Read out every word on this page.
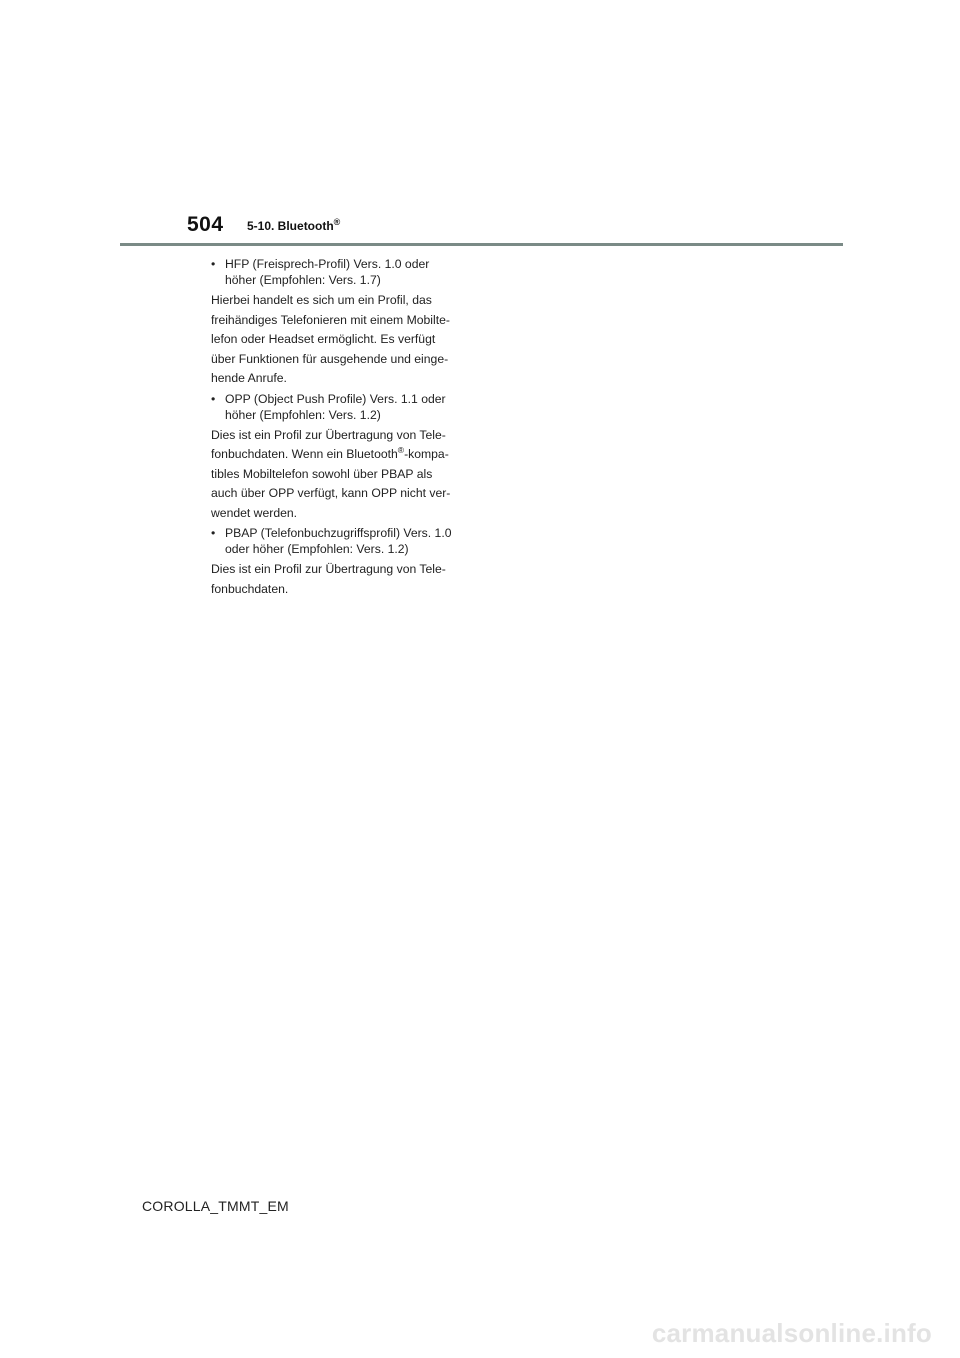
504 5-10. Bluetooth®
• HFP (Freisprech-Profil) Vers. 1.0 oder
höher (Empfohlen: Vers. 1.7)
Hierbei handelt es sich um ein Profil, das
freihändiges Telefonieren mit einem Mobilte-
lefon oder Headset ermöglicht. Es verfügt
über Funktionen für ausgehende und einge-
hende Anrufe.
• OPP (Object Push Profile) Vers. 1.1 oder
höher (Empfohlen: Vers. 1.2)
Dies ist ein Profil zur Übertragung von Tele-
fonbuchdaten. Wenn ein Bluetooth®-kompa-
tibles Mobiltelefon sowohl über PBAP als
auch über OPP verfügt, kann OPP nicht ver-
wendet werden.
• PBAP (Telefonbuchzugriffsprofil) Vers. 1.0
oder höher (Empfohlen: Vers. 1.2)
Dies ist ein Profil zur Übertragung von Tele-
fonbuchdaten.
COROLLA_TMMT_EM
carmanualsonline.info
